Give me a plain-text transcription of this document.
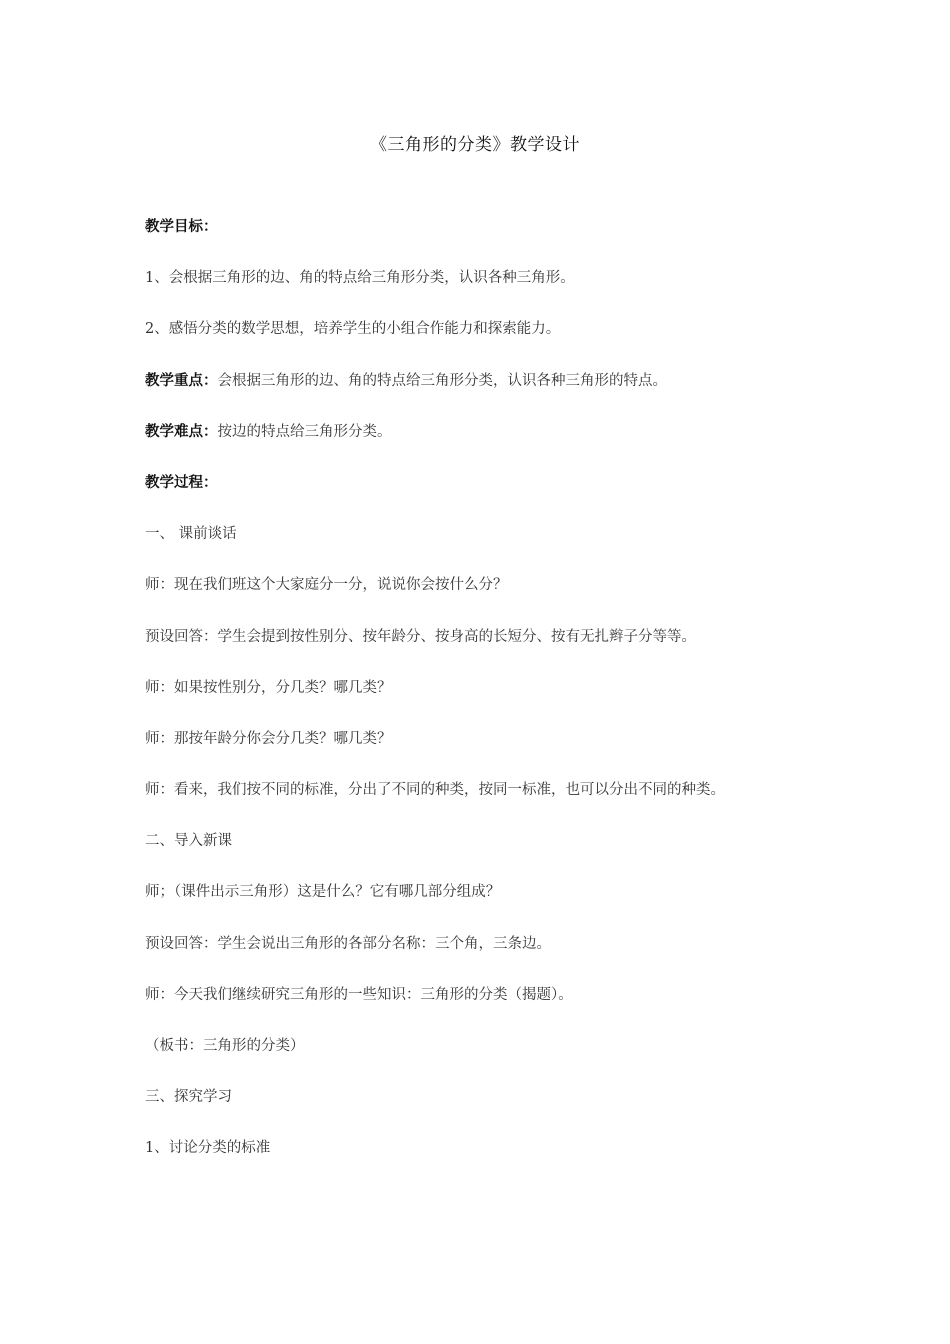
《三角形的分类》教学设计
教学目标：
1、会根据三角形的边、角的特点给三角形分类，认识各种三角形。
2、感悟分类的数学思想，培养学生的小组合作能力和探索能力。
教学重点：会根据三角形的边、角的特点给三角形分类，认识各种三角形的特点。
教学难点：按边的特点给三角形分类。
教学过程：
一、 课前谈话
师：现在我们班这个大家庭分一分，说说你会按什么分？
预设回答：学生会提到按性别分、按年龄分、按身高的长短分、按有无扎辫子分等等。
师：如果按性别分，分几类？哪几类？
师：那按年龄分你会分几类？哪几类？
师：看来，我们按不同的标准，分出了不同的种类，按同一标准，也可以分出不同的种类。
二、导入新课
师；（课件出示三角形）这是什么？它有哪几部分组成？
预设回答：学生会说出三角形的各部分名称：三个角，三条边。
师：今天我们继续研究三角形的一些知识：三角形的分类（揭题）。
（板书：三角形的分类）
三、探究学习
1、讨论分类的标准
